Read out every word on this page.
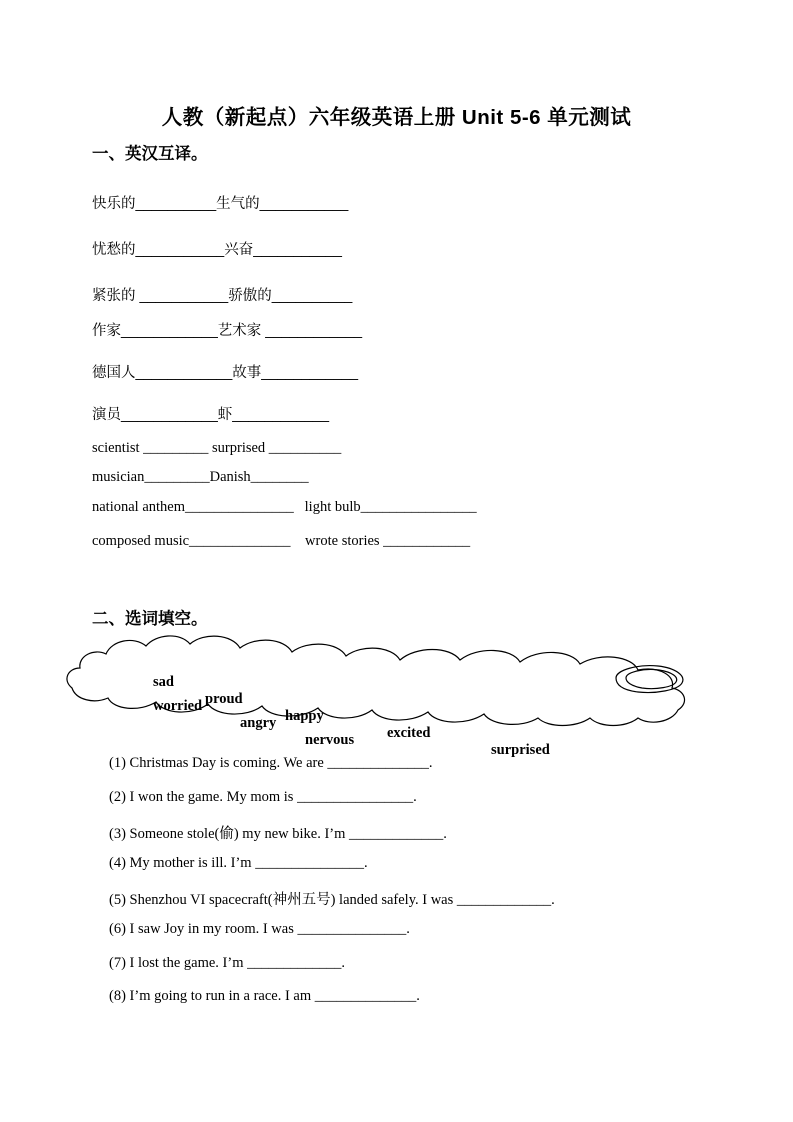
人教（新起点）六年级英语上册 Unit 5-6 单元测试
一、英汉互译。
快乐的__________生气的___________
忧愁的___________兴奋___________
紧张的 ___________骄傲的__________
作家____________艺术家 ____________
德国人____________故事____________
演员____________虾____________
scientist _________ surprised __________
musician_________Danish________
national anthem_______________   light bulb________________
composed music______________    wrote stories ____________
二、选词填空。

sad

proud

happy

excited

surprised

worried

angry

nervous

(1) Christmas Day is coming. We are ______________.
(2) I won the game. My mom is ________________.
(3) Someone stole(偷) my new bike. I’m _____________.
(4) My mother is ill. I’m _______________.
(5) Shenzhou VI spacecraft(神州五号) landed safely. I was _____________.
(6) I saw Joy in my room. I was _______________.
(7) I lost the game. I’m _____________.
(8) I’m going to run in a race. I am ______________.
